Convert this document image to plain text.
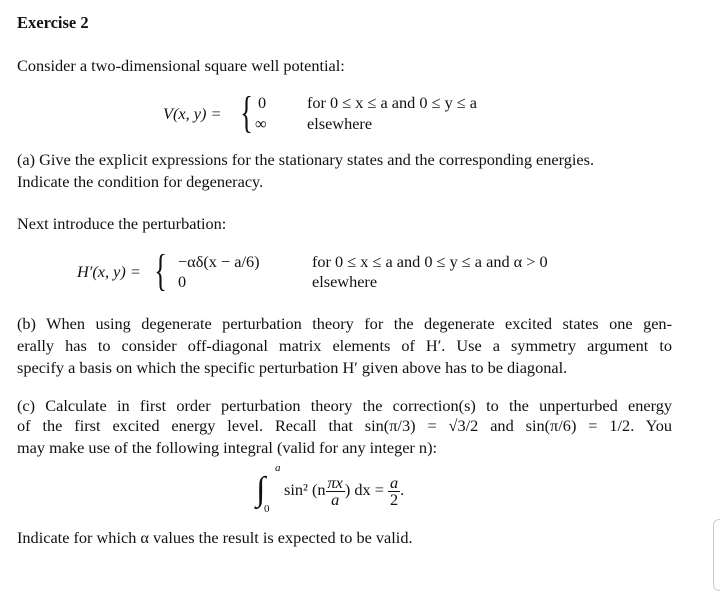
Exercise 2
Consider a two-dimensional square well potential:
V(x, y) = { 0	for 0 ≤ x ≤ a and 0 ≤ y ≤ a
∞ elsewhere
(a) Give the explicit expressions for the stationary states and the corresponding energies.
Indicate the condition for degeneracy.
Next introduce the perturbation:
H′(x, y) = { −αδ(x − a/6)	for 0 ≤ x ≤ a and 0 ≤ y ≤ a and α > 0
0	elsewhere
(b) When using degenerate perturbation theory for the degenerate excited states one gen-
erally has to consider off-diagonal matrix elements of H′. Use a symmetry argument to
specify a basis on which the specific perturbation H′ given above has to be diagonal.
(c) Calculate in first order perturbation theory the correction(s) to the unperturbed energy
of the first excited energy level. Recall that sin(π/3) = √3/2 and sin(π/6) = 1/2. You
may make use of the following integral (valid for any integer n):
∫
a
0
sin² ($n \frac{\pi x}{a}$ ) dx = $\frac{a}{2}$ .
Indicate for which α values the result is expected to be valid.
